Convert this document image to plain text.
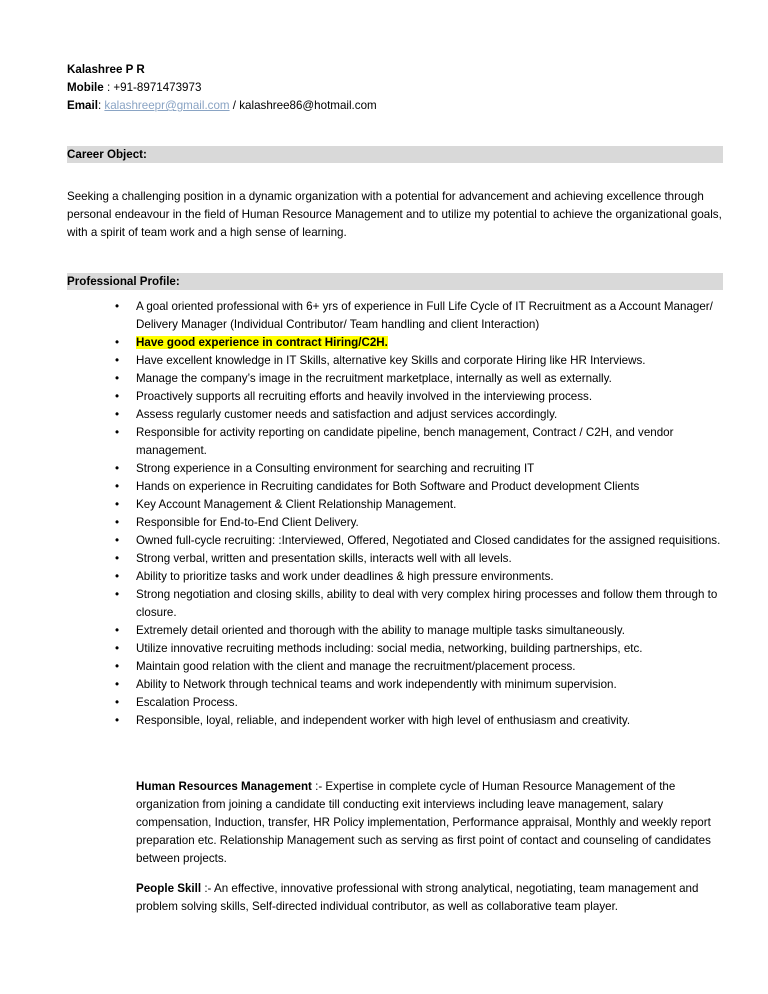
Kalashree P R
Mobile : +91-8971473973
Email: kalashreepr@gmail.com / kalashree86@hotmail.com
Career Object:
Seeking a challenging position in a dynamic organization with a potential for advancement and achieving excellence through personal endeavour in the field of Human Resource Management and to utilize my potential to achieve the organizational goals, with a spirit of team work and a high sense of learning.
Professional Profile:
• A goal oriented professional with 6+ yrs of experience in Full Life Cycle of IT Recruitment as a Account Manager/ Delivery Manager (Individual Contributor/ Team handling and client Interaction)
• Have good experience in contract Hiring/C2H.
• Have excellent knowledge in IT Skills, alternative key Skills and corporate Hiring like HR Interviews.
• Manage the company’s image in the recruitment marketplace, internally as well as externally.
• Proactively supports all recruiting efforts and heavily involved in the interviewing process.
• Assess regularly customer needs and satisfaction and adjust services accordingly.
• Responsible for activity reporting on candidate pipeline, bench management, Contract / C2H, and vendor management.
• Strong experience in a Consulting environment for searching and recruiting IT
• Hands on experience in Recruiting candidates for Both Software and Product development Clients
• Key Account Management & Client Relationship Management.
• Responsible for End-to-End Client Delivery.
• Owned full-cycle recruiting: :Interviewed, Offered, Negotiated and Closed candidates for the assigned requisitions.
• Strong verbal, written and presentation skills, interacts well with all levels.
• Ability to prioritize tasks and work under deadlines & high pressure environments.
• Strong negotiation and closing skills, ability to deal with very complex hiring processes and follow them through to closure.
• Extremely detail oriented and thorough with the ability to manage multiple tasks simultaneously.
• Utilize innovative recruiting methods including: social media, networking, building partnerships, etc.
• Maintain good relation with the client and manage the recruitment/placement process.
• Ability to Network through technical teams and work independently with minimum supervision.
• Escalation Process.
• Responsible, loyal, reliable, and independent worker with high level of enthusiasm and creativity.
Human Resources Management :- Expertise in complete cycle of Human Resource Management of the organization from joining a candidate till conducting exit interviews including leave management, salary compensation, Induction, transfer, HR Policy implementation, Performance appraisal, Monthly and weekly report preparation etc. Relationship Management such as serving as first point of contact and counseling of candidates between projects.
People Skill :- An effective, innovative professional with strong analytical, negotiating, team management and problem solving skills, Self-directed individual contributor, as well as collaborative team player.
